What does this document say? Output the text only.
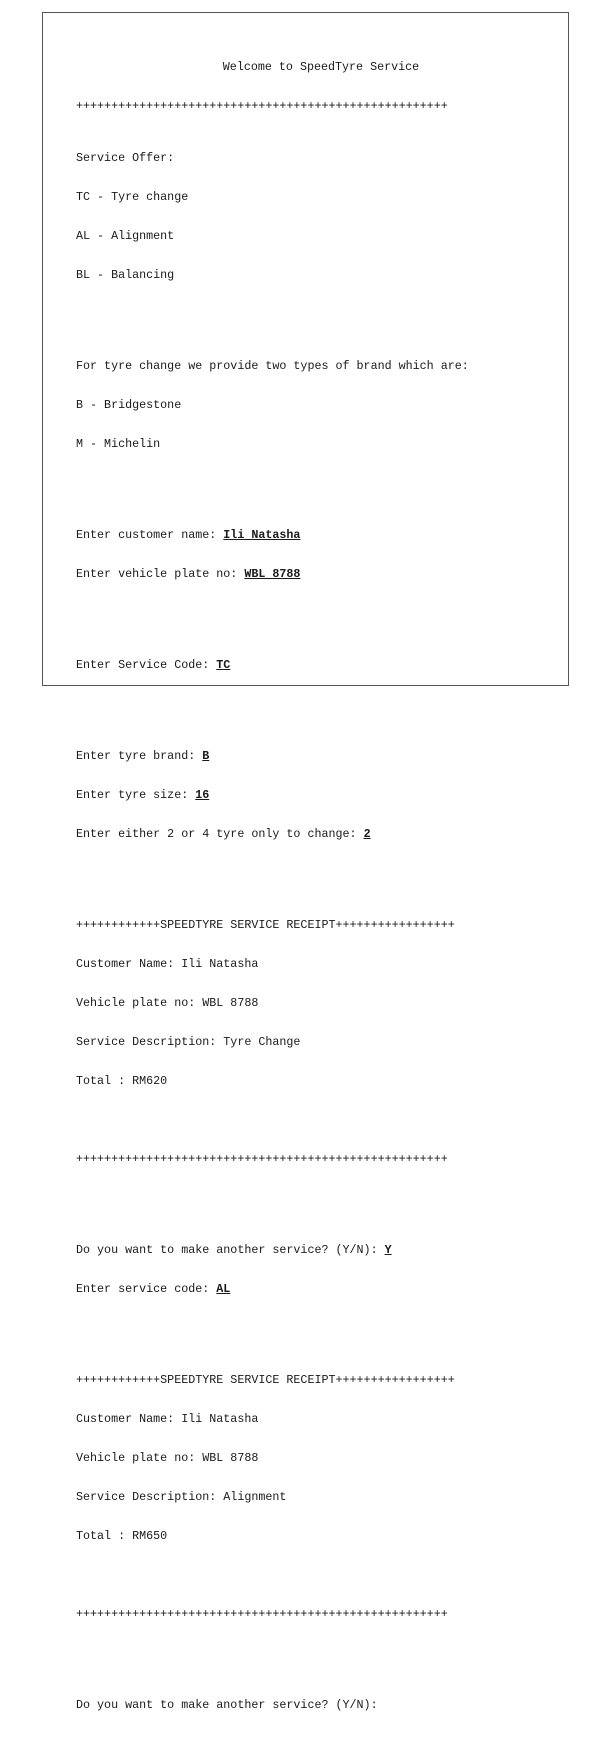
Welcome to SpeedTyre Service

+++++++++++++++++++++++++++++++++++++++++++++++++++++

Service Offer:

TC - Tyre change

AL - Alignment

BL - Balancing

For tyre change we provide two types of brand which are:

B - Bridgestone

M - Michelin

Enter customer name: Ili Natasha

Enter vehicle plate no: WBL 8788

Enter Service Code: TC

Enter tyre brand: B

Enter tyre size: 16

Enter either 2 or 4 tyre only to change: 2

++++++++++++SPEEDTYRE SERVICE RECEIPT+++++++++++++++++

Customer Name: Ili Natasha

Vehicle plate no: WBL 8788

Service Description: Tyre Change

Total : RM620

+++++++++++++++++++++++++++++++++++++++++++++++++++++

Do you want to make another service? (Y/N): Y

Enter service code: AL

++++++++++++SPEEDTYRE SERVICE RECEIPT+++++++++++++++++

Customer Name: Ili Natasha

Vehicle plate no: WBL 8788

Service Description: Alignment

Total : RM650

+++++++++++++++++++++++++++++++++++++++++++++++++++++

Do you want to make another service? (Y/N):
